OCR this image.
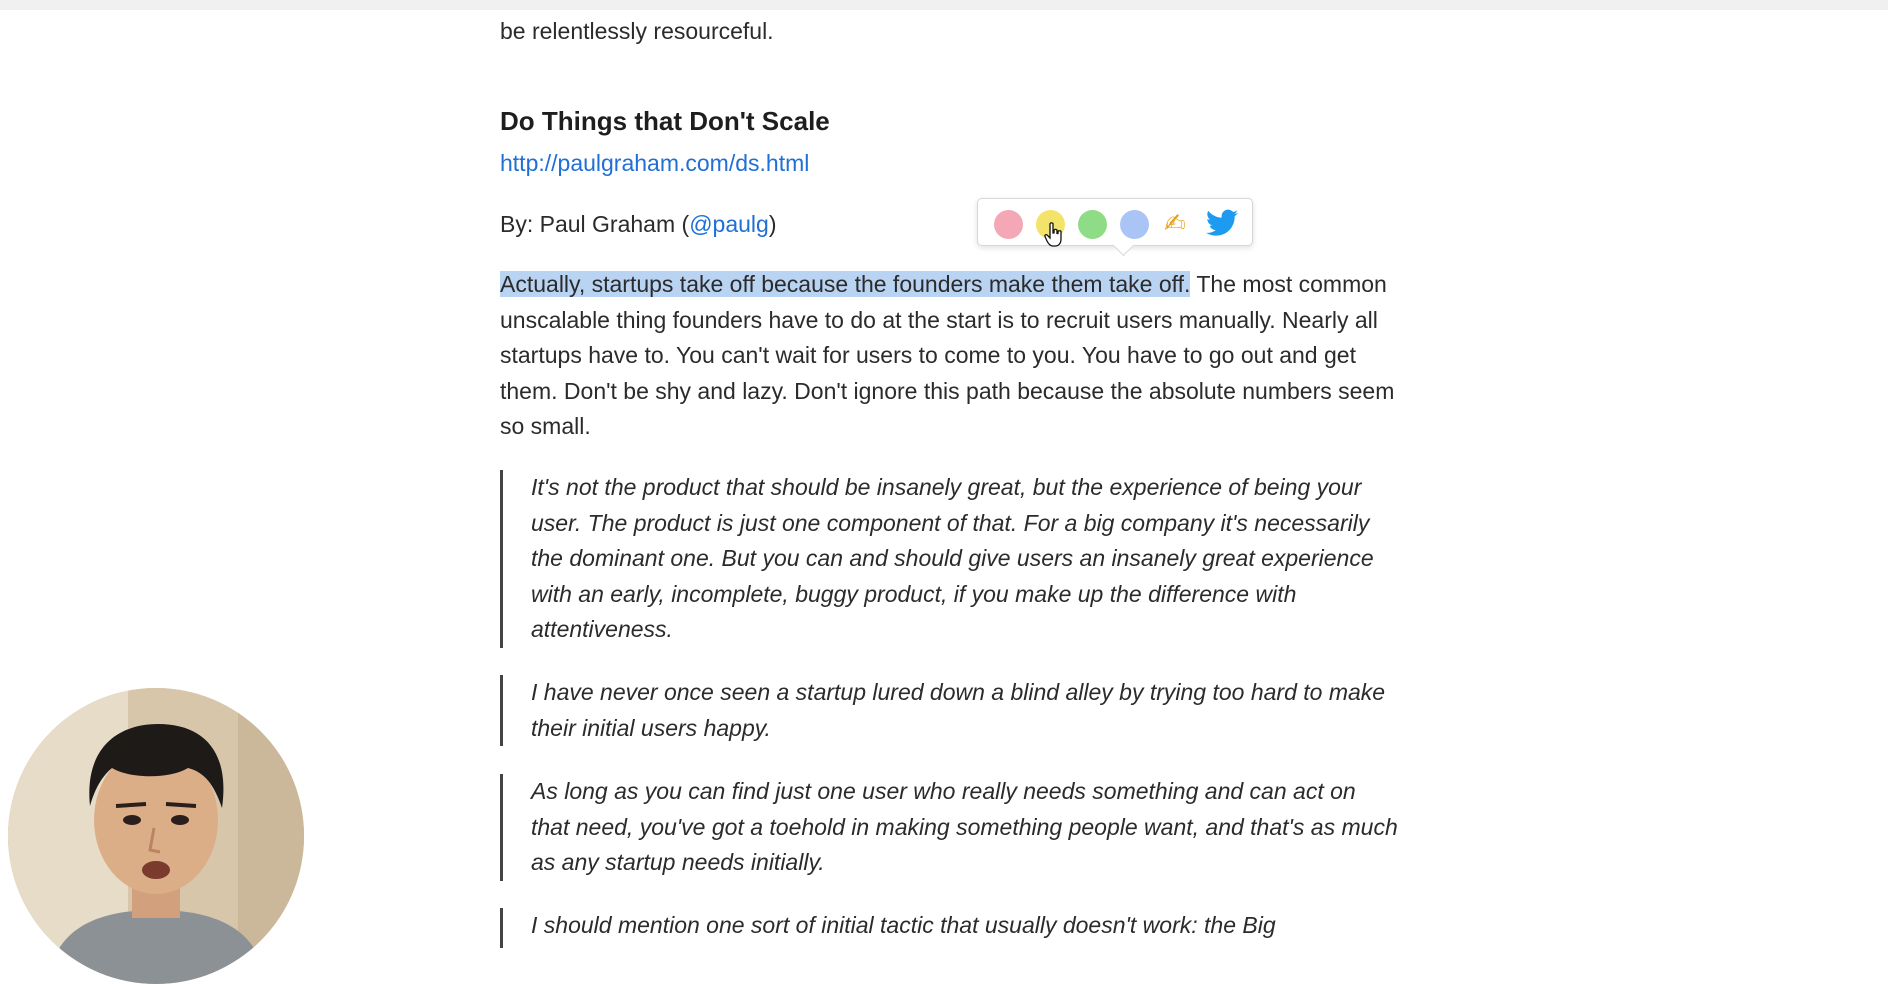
be relentlessly resourceful.

Do Things that Don't Scale
http://paulgraham.com/ds.html
By: Paul Graham (@paulg)

Actually, startups take off because the founders make them take off. The most common unscalable thing founders have to do at the start is to recruit users manually. Nearly all startups have to. You can't wait for users to come to you. You have to go out and get them. Don't be shy and lazy. Don't ignore this path because the absolute numbers seem so small.

It's not the product that should be insanely great, but the experience of being your user. The product is just one component of that. For a big company it's necessarily the dominant one. But you can and should give users an insanely great experience with an early, incomplete, buggy product, if you make up the difference with attentiveness.

I have never once seen a startup lured down a blind alley by trying too hard to make their initial users happy.

As long as you can find just one user who really needs something and can act on that need, you've got a toehold in making something people want, and that's as much as any startup needs initially.

I should mention one sort of initial tactic that usually doesn't work: the Big

✍
